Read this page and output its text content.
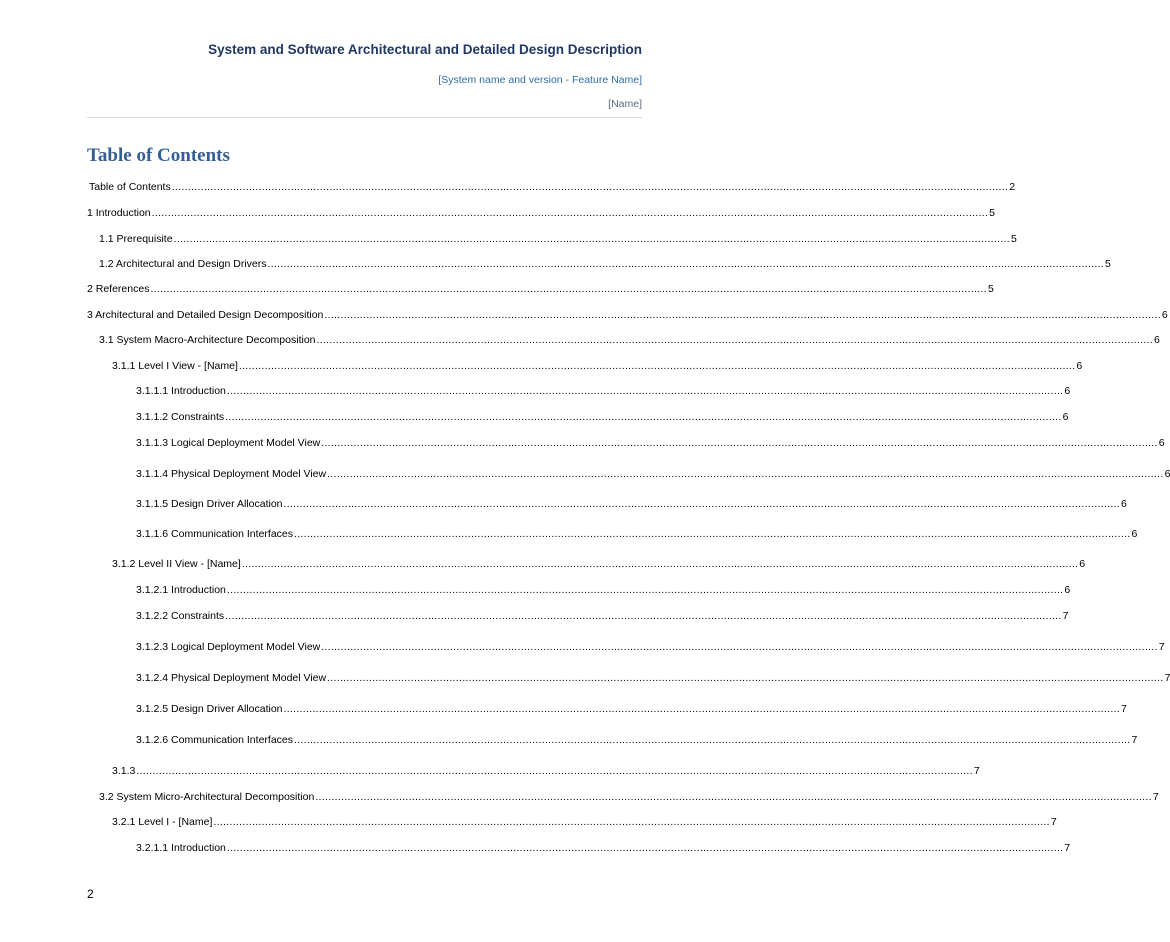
System and Software Architectural and Detailed Design Description
[System name and version - Feature Name]
[Name]
Table of Contents
Table of Contents .................................................................................................................................................................................................................................................................... 2
1 Introduction .................................................................................................................................................................................................................................................................... 5
1.1 Prerequisite .................................................................................................................................................................................................................................................................... 5
1.2 Architectural and Design Drivers .................................................................................................................................................................................................................................................................... 5
2 References .................................................................................................................................................................................................................................................................... 5
3 Architectural and Detailed Design Decomposition .................................................................................................................................................................................................................................................................... 6
3.1 System Macro-Architecture Decomposition .................................................................................................................................................................................................................................................................... 6
3.1.1 Level I View - [Name] .................................................................................................................................................................................................................................................................... 6
3.1.1.1 Introduction .................................................................................................................................................................................................................................................................... 6
3.1.1.2 Constraints .................................................................................................................................................................................................................................................................... 6
3.1.1.3 Logical Deployment Model View .................................................................................................................................................................................................................................................................... 6
3.1.1.4 Physical Deployment Model View .................................................................................................................................................................................................................................................................... 6
3.1.1.5 Design Driver Allocation .................................................................................................................................................................................................................................................................... 6
3.1.1.6 Communication Interfaces .................................................................................................................................................................................................................................................................... 6
3.1.2 Level II View - [Name] .................................................................................................................................................................................................................................................................... 6
3.1.2.1 Introduction .................................................................................................................................................................................................................................................................... 6
3.1.2.2 Constraints .................................................................................................................................................................................................................................................................... 7
3.1.2.3 Logical Deployment Model View .................................................................................................................................................................................................................................................................... 7
3.1.2.4 Physical Deployment Model View .................................................................................................................................................................................................................................................................... 7
3.1.2.5 Design Driver Allocation .................................................................................................................................................................................................................................................................... 7
3.1.2.6 Communication Interfaces .................................................................................................................................................................................................................................................................... 7
3.1.3 .................................................................................................................................................................................................................................................................... 7
3.2 System Micro-Architectural Decomposition .................................................................................................................................................................................................................................................................... 7
3.2.1 Level I - [Name] .................................................................................................................................................................................................................................................................... 7
3.2.1.1 Introduction .................................................................................................................................................................................................................................................................... 7
2
